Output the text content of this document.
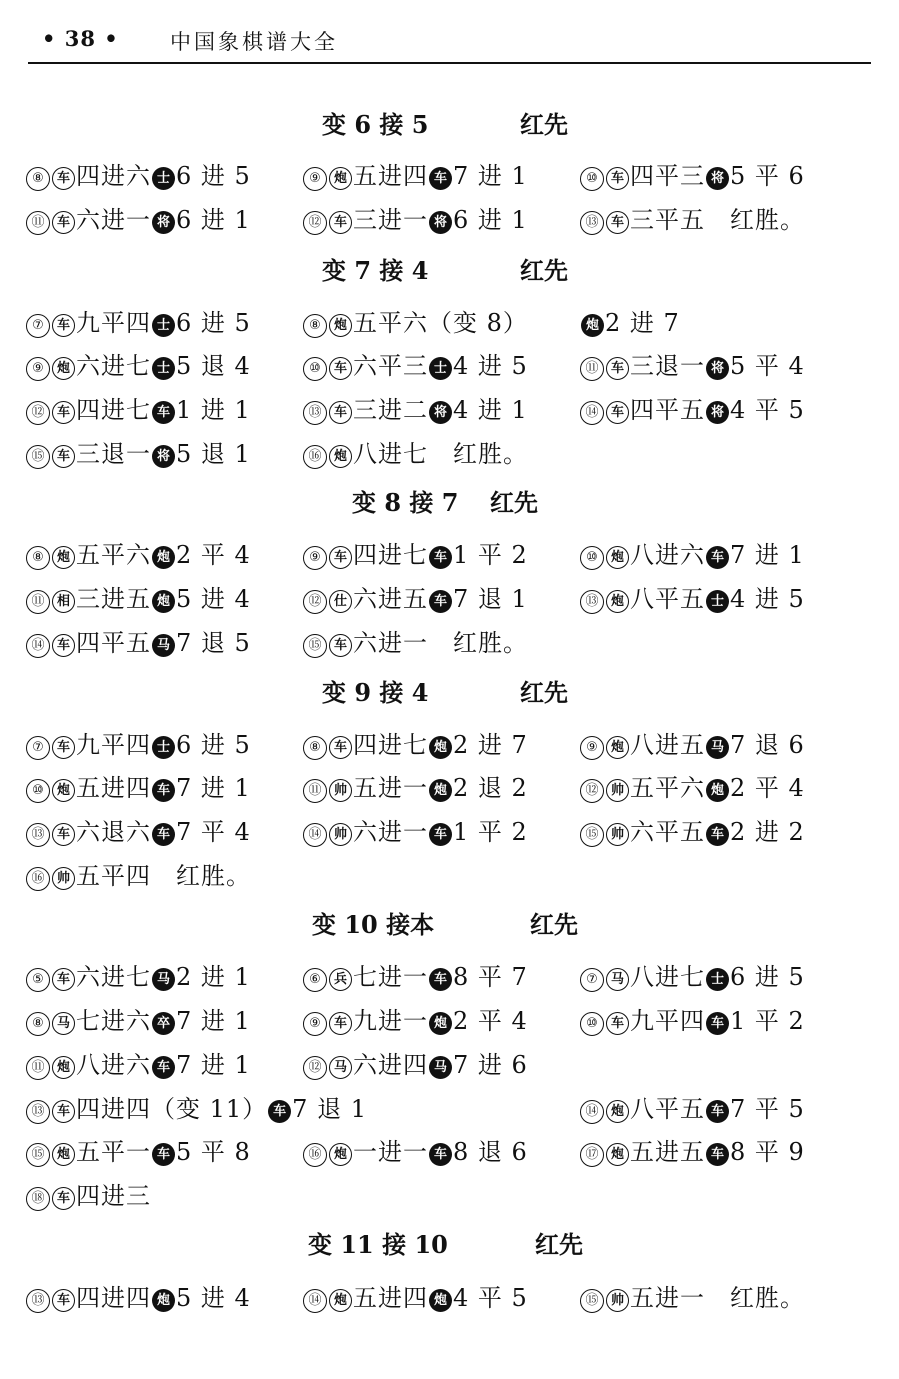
• 38 • 中国象棋谱大全
变 6 接 5	红先
⑧ 车 四进六 士 6 进 5	⑨ 炮 五进四 车 7 进 1	⑩ 车 四平三 将 5 平 6
⑪ 车 六进一 将 6 进 1	⑫ 车 三进一 将 6 进 1	⑬ 车 三平五　红胜。
变 7 接 4	红先
⑦ 车 九平四 士 6 进 5	⑧ 炮 五平六（变 8）	炮 2 进 7
⑨ 炮 六进七 士 5 退 4	⑩ 车 六平三 士 4 进 5	⑪ 车 三退一 将 5 平 4
⑫ 车 四进七 车 1 进 1	⑬ 车 三进二 将 4 进 1	⑭ 车 四平五 将 4 平 5
⑮ 车 三退一 将 5 退 1	⑯ 炮 八进七　红胜。
变 8 接 7 红先
⑧ 炮 五平六 炮 2 平 4	⑨ 车 四进七 车 1 平 2	⑩ 炮 八进六 车 7 进 1
⑪ 相 三进五 炮 5 进 4	⑫ 仕 六进五 车 7 退 1	⑬ 炮 八平五 士 4 进 5
⑭ 车 四平五 马 7 退 5	⑮ 车 六进一　红胜。
变 9 接 4	红先
⑦ 车 九平四 士 6 进 5	⑧ 车 四进七 炮 2 进 7	⑨ 炮 八进五 马 7 退 6
⑩ 炮 五进四 车 7 进 1	⑪ 帅 五进一 炮 2 退 2	⑫ 帅 五平六 炮 2 平 4
⑬ 车 六退六 车 7 平 4	⑭ 帅 六进一 车 1 平 2	⑮ 帅 六平五 车 2 进 2
⑯ 帅 五平四　红胜。
变 10 接本	红先
⑤ 车 六进七 马 2 进 1	⑥ 兵 七进一 车 8 平 7	⑦ 马 八进七 士 6 进 5
⑧ 马 七进六 卒 7 进 1	⑨ 车 九进一 炮 2 平 4	⑩ 车 九平四 车 1 平 2
⑪ 炮 八进六 车 7 进 1	⑫ 马 六进四 马 7 进 6
⑬ 车 四进四（变 11） 车 7 退 1	⑭ 炮 八平五 车 7 平 5
⑮ 炮 五平一 车 5 平 8	⑯ 炮 一进一 车 8 退 6	⑰ 炮 五进五 车 8 平 9
⑱ 车 四进三
变 11 接 10	红先
⑬ 车 四进四 炮 5 进 4	⑭ 炮 五进四 炮 4 平 5	⑮ 帅 五进一　红胜。
